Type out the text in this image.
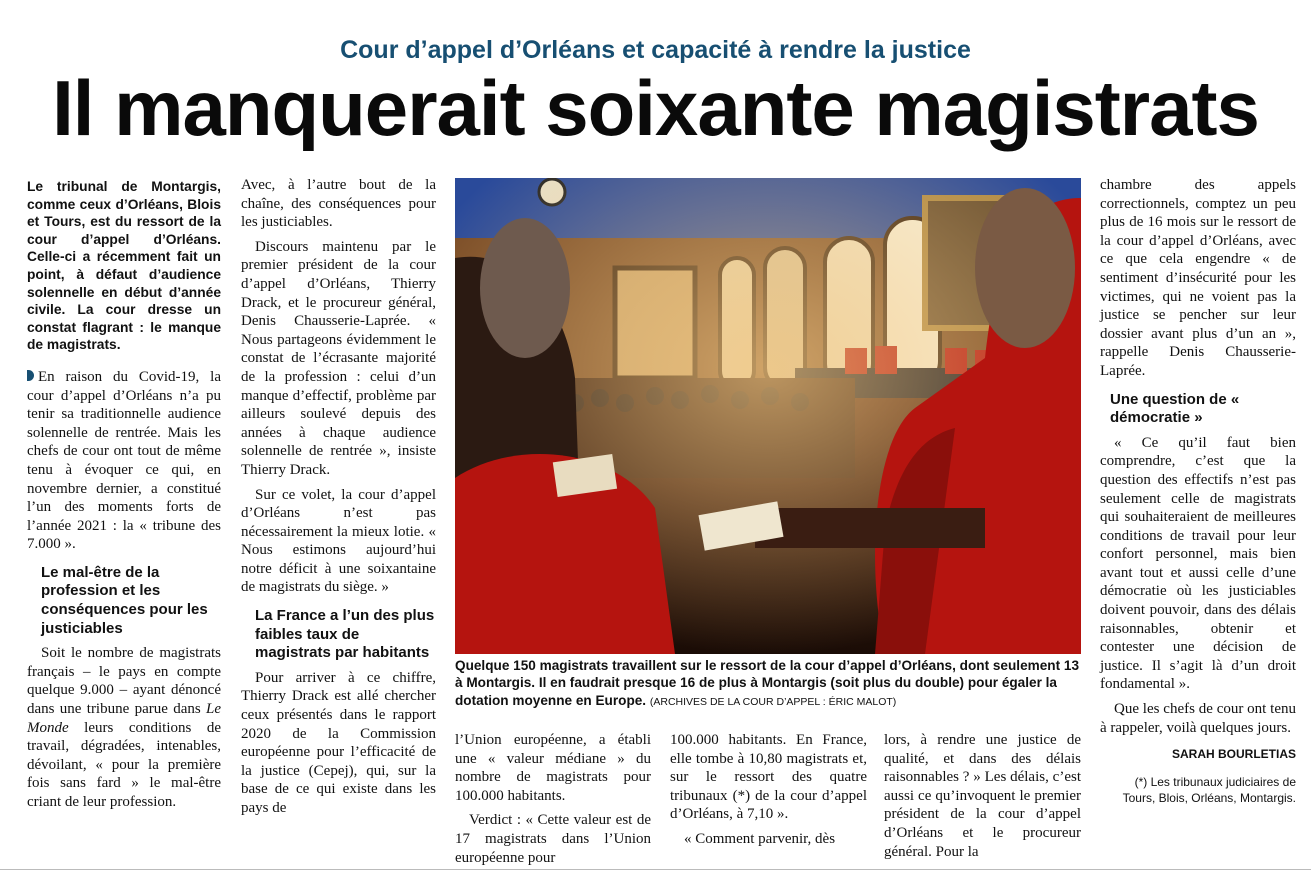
Cour d’appel d’Orléans et capacité à rendre la justice
Il manquerait soixante magistrats
Le tribunal de Montargis, comme ceux d’Orléans, Blois et Tours, est du ressort de la cour d’appel d’Orléans. Celle-ci a récemment fait un point, à défaut d’audience solennelle en début d’année civile. La cour dresse un constat flagrant : le manque de magistrats.

En raison du Covid-19, la cour d’appel d’Orléans n’a pu tenir sa traditionnelle audience solennelle de rentrée. Mais les chefs de cour ont tout de même tenu à évoquer ce qui, en novembre dernier, a constitué l’un des moments forts de l’année 2021 : la « tribune des 7.000 ».

Le mal-être de la profession et les conséquences pour les justiciables

Soit le nombre de magistrats français – le pays en compte quelque 9.000 – ayant dénoncé dans une tribune parue dans Le Monde leurs conditions de travail, dégradées, intenables, dévoilant, « pour la première fois sans fard » le mal-être criant de leur profession.

Avec, à l’autre bout de la chaîne, des conséquences pour les justiciables.

Discours maintenu par le premier président de la cour d’appel d’Orléans, Thierry Drack, et le procureur général, Denis Chausserie-Laprée. « Nous partageons évidemment le constat de l’écrasante majorité de la profession : celui d’un manque d’effectif, problème par ailleurs soulevé depuis des années à chaque audience solennelle de rentrée », insiste Thierry Drack.

Sur ce volet, la cour d’appel d’Orléans n’est pas nécessairement la mieux lotie. « Nous estimons aujourd’hui notre déficit à une soixantaine de magistrats du siège. »

La France a l’un des plus faibles taux de magistrats par habitants

Pour arriver à ce chiffre, Thierry Drack est allé chercher ceux présentés dans le rapport 2020 de la Commission européenne pour l’efficacité de la justice (Cepej), qui, sur la base de ce qui existe dans les pays de

Quelque 150 magistrats travaillent sur le ressort de la cour d’appel d’Orléans, dont seulement 13 à Montargis. Il en faudrait presque 16 de plus à Montargis (soit plus du double) pour égaler la dotation moyenne en Europe. (ARCHIVES DE LA COUR D’APPEL : ÉRIC MALOT)

l’Union européenne, a établi une « valeur médiane » du nombre de magistrats pour 100.000 habitants.

Verdict : « Cette valeur est de 17 magistrats dans l’Union européenne pour

100.000 habitants. En France, elle tombe à 10,80 magistrats et, sur le ressort des quatre tribunaux (*) de la cour d’appel d’Orléans, à 7,10 ».

« Comment parvenir, dès

lors, à rendre une justice de qualité, et dans des délais raisonnables ? » Les délais, c’est aussi ce qu’invoquent le premier président de la cour d’appel d’Orléans et le procureur général. Pour la

chambre des appels correctionnels, comptez un peu plus de 16 mois sur le ressort de la cour d’appel d’Orléans, avec ce que cela engendre « de sentiment d’insécurité pour les victimes, qui ne voient pas la justice se pencher sur leur dossier avant plus d’un an », rappelle Denis Chausserie-Laprée.

Une question de « démocratie »

« Ce qu’il faut bien comprendre, c’est que la question des effectifs n’est pas seulement celle de magistrats qui souhaiteraient de meilleures conditions de travail pour leur confort personnel, mais bien avant tout et aussi celle d’une démocratie où les justiciables doivent pouvoir, dans des délais raisonnables, obtenir et contester une décision de justice. Il s’agit là d’un droit fondamental ».

Que les chefs de cour ont tenu à rappeler, voilà quelques jours.

SARAH BOURLETIAS
(*) Les tribunaux judiciaires de Tours, Blois, Orléans, Montargis.
